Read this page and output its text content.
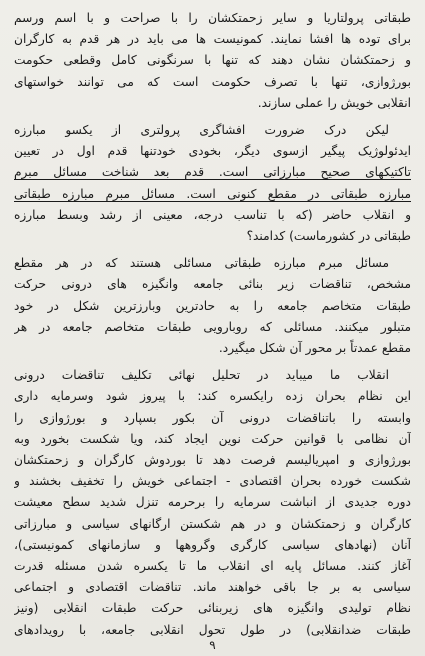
طبقاتی پرولتاریا و سایر زحمتکشان را با صراحت و با اسم ورسم
برای توده ها افشا نمایند. کمونیست ها می باید در هر قدم به کارگران
و زحمتکشان نشان دهند که تنها با سرنگونی کامل وقطعی حکومت
بورژوازی، تنها با تصرف حکومت است که می توانند خواستهای
انقلابی خویش را عملی سازند.
لیکن درک ضرورت افشاگری پرولتری از یکسو مبارزه
ایدئولوژیک پیگیر ازسوی دیگر، بخودی خودتنها قدم اول در تعیین
تاکتیکهای صحیح مبارزاتی است. قدم بعد شناخت مسائل مبرم
مبارزه طبقاتی در مقطع کنونی است. مسائل مبرم مبارزه طبقاتی
و انقلاب حاضر (که با تناسب درجه، معینی از رشد وبسط مبارزه
طبقاتی در کشورماست) کدامند؟
مسائل مبرم مبارزه طبقاتی مسائلی هستند که در هر مقطع
مشخص، تناقضات زیر بنائی جامعه وانگیزه های درونی حرکت
طبقات متخاصم جامعه را به حادترین وبارزترین شکل در خود
متبلور میکنند. مسائلی که روبارویی طبقات متخاصم جامعه در هر
مقطع عمدتاً بر محور آن شکل میگیرد.
انقلاب ما میباید در تحلیل نهائی تکلیف تناقضات درونی
این نظام بحران زده رایکسره کند: با پیروز شود وسرمایه داری
وابسته را باتناقضات درونی آن بکور بسپارد و بورژوازی را
آن نظامی با قوانین حرکت نوین ایجاد کند، ویا شکست بخورد وبه
بورژوازی و امپریالیسم فرصت دهد تا بوردوش کارگران و زحمتکشان
شکست خورده بحران اقتصادی - اجتماعی خویش را تخفیف بخشند و
دوره جدیدی از انباشت سرمایه را برحرمه تنزل شدید سطح معیشت
کارگران و زحمتکشان و در هم شکستن ارگانهای سیاسی و مبارزاتی
آنان (نهادهای سیاسی کارگری وگروهها و سازمانهای کمونیستی)،
آغاز کنند. مسائل پایه ای انقلاب ما تا یکسره شدن مسئله قدرت
سیاسی به بر جا باقی خواهند ماند. تناقضات اقتصادی و اجتماعی
نظام تولیدی وانگیزه های زیربنائی حرکت طبقات انقلابی (ونیز
طبقات ضدانقلابی) در طول تحول انقلابی جامعه، با رویدادهای
۹
